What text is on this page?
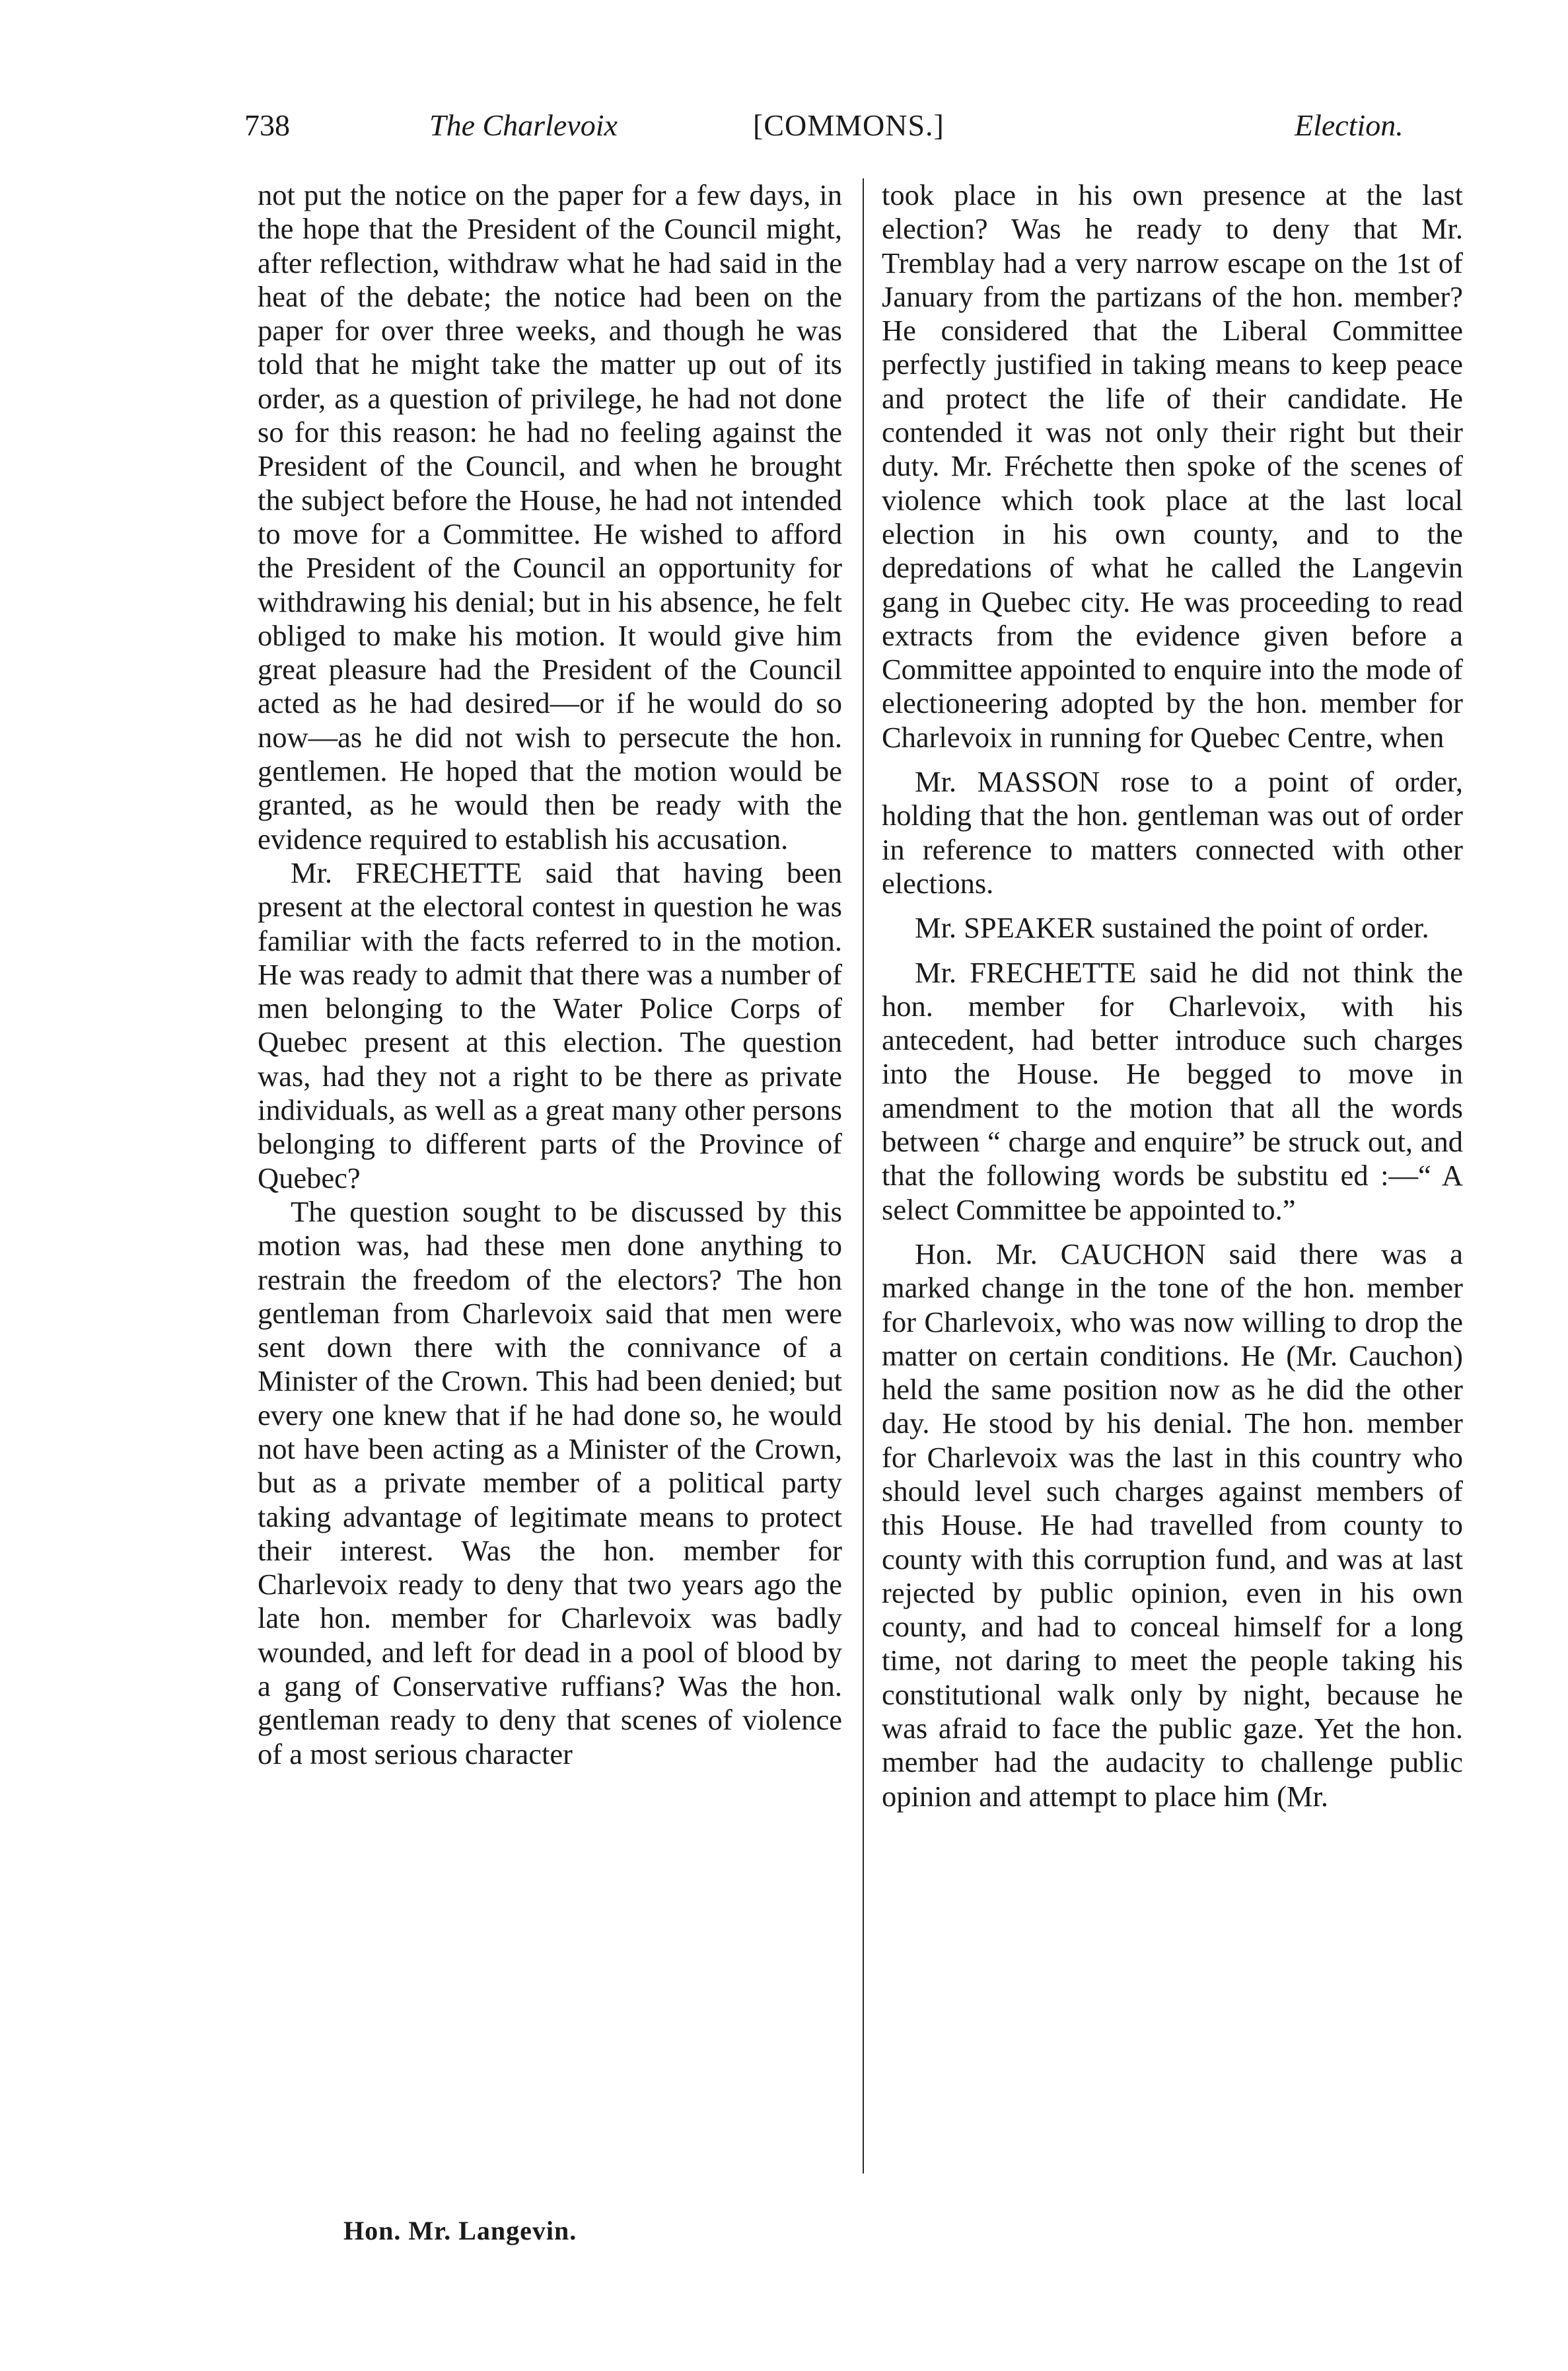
738	The Charlevoix	[COMMONS.]	Election.

not put the notice on the paper for a few days, in the hope that the President of the Council might, after reflection, withdraw what he had said in the heat of the debate; the notice had been on the paper for over three weeks, and though he was told that he might take the matter up out of its order, as a question of privilege, he had not done so for this reason: he had no feeling against the President of the Council, and when he brought the subject before the House, he had not intended to move for a Committee. He wished to afford the President of the Council an opportunity for withdrawing his denial; but in his absence, he felt obliged to make his motion. It would give him great pleasure had the President of the Council acted as he had desired—or if he would do so now—as he did not wish to persecute the hon. gentlemen. He hoped that the motion would be granted, as he would then be ready with the evidence required to establish his accusation.

Mr. FRECHETTE said that having been present at the electoral contest in question he was familiar with the facts referred to in the motion. He was ready to admit that there was a number of men belonging to the Water Police Corps of Quebec present at this election. The question was, had they not a right to be there as private individuals, as well as a great many other persons belonging to different parts of the Province of Quebec?

The question sought to be discussed by this motion was, had these men done anything to restrain the freedom of the electors? The hon gentleman from Charlevoix said that men were sent down there with the connivance of a Minister of the Crown. This had been denied; but every one knew that if he had done so, he would not have been acting as a Minister of the Crown, but as a private member of a political party taking advantage of legitimate means to protect their interest. Was the hon. member for Charlevoix ready to deny that two years ago the late hon. member for Charlevoix was badly wounded, and left for dead in a pool of blood by a gang of Conservative ruffians? Was the hon. gentleman ready to deny that scenes of violence of a most serious character

took place in his own presence at the last election? Was he ready to deny that Mr. Tremblay had a very narrow escape on the 1st of January from the partizans of the hon. member? He considered that the Liberal Committee perfectly justified in taking means to keep peace and protect the life of their candidate. He contended it was not only their right but their duty. Mr. Fréchette then spoke of the scenes of violence which took place at the last local election in his own county, and to the depredations of what he called the Langevin gang in Quebec city. He was proceeding to read extracts from the evidence given before a Committee appointed to enquire into the mode of electioneering adopted by the hon. member for Charlevoix in running for Quebec Centre, when

Mr. MASSON rose to a point of order, holding that the hon. gentleman was out of order in reference to matters connected with other elections.

Mr. SPEAKER sustained the point of order.

Mr. FRECHETTE said he did not think the hon. member for Charlevoix, with his antecedent, had better introduce such charges into the House. He begged to move in amendment to the motion that all the words between “ charge and enquire” be struck out, and that the following words be substitu ed :—“ A select Committee be appointed to.”

Hon. Mr. CAUCHON said there was a marked change in the tone of the hon. member for Charlevoix, who was now willing to drop the matter on certain conditions. He (Mr. Cauchon) held the same position now as he did the other day. He stood by his denial. The hon. member for Charlevoix was the last in this country who should level such charges against members of this House. He had travelled from county to county with this corruption fund, and was at last rejected by public opinion, even in his own county, and had to conceal himself for a long time, not daring to meet the people taking his constitutional walk only by night, because he was afraid to face the public gaze. Yet the hon. member had the audacity to challenge public opinion and attempt to place him (Mr.

Hon. Mr. Langevin.
